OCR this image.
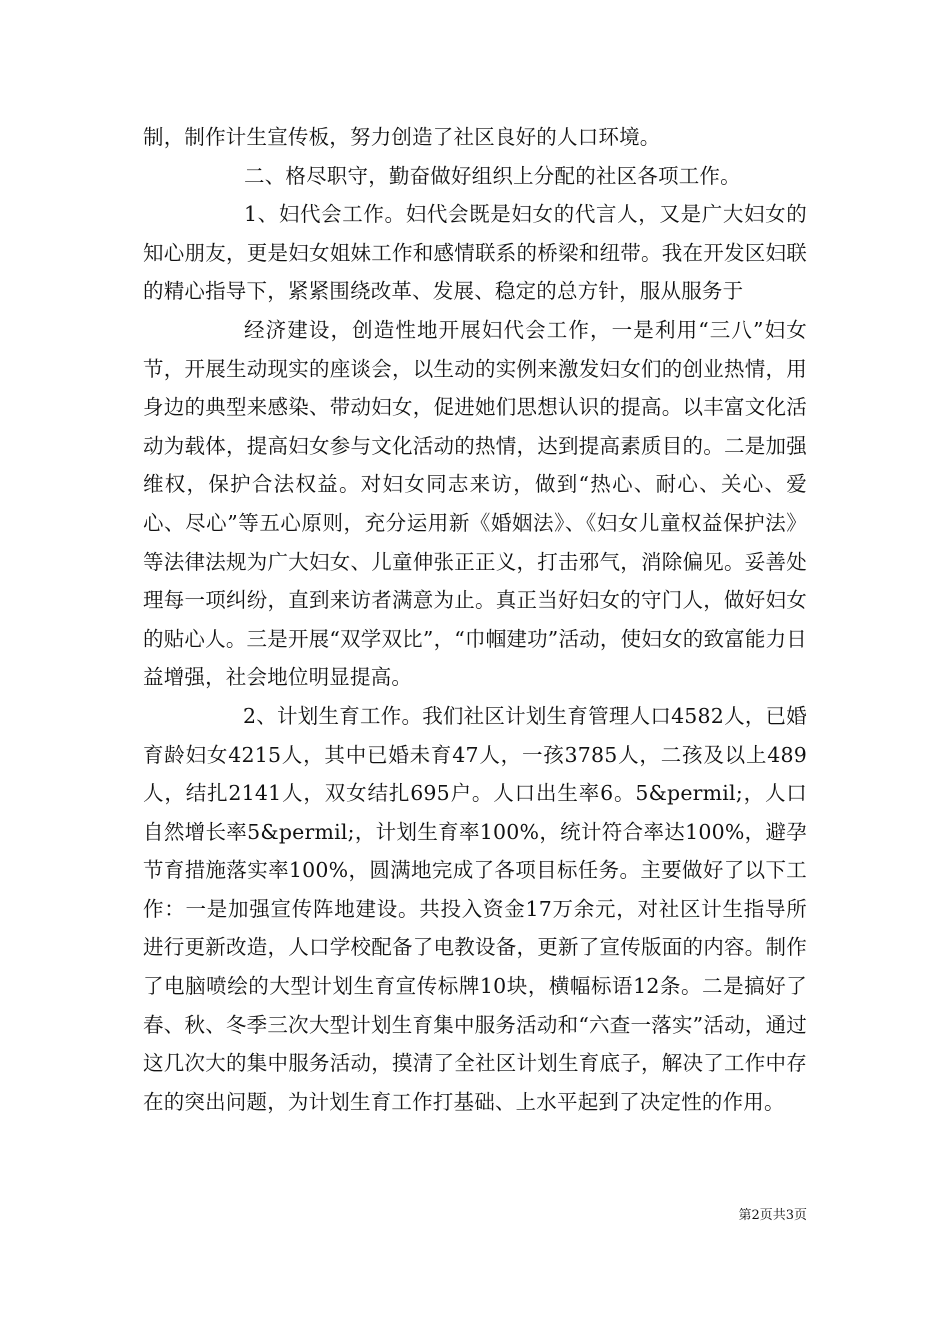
制，制作计生宣传板，努力创造了社区良好的人口环境。

二、格尽职守，勤奋做好组织上分配的社区各项工作。

1、妇代会工作。妇代会既是妇女的代言人，又是广大妇女的知心朋友，更是妇女姐妹工作和感情联系的桥梁和纽带。我在开发区妇联的精心指导下，紧紧围绕改革、发展、稳定的总方针，服从服务于

经济建设，创造性地开展妇代会工作，一是利用“三八”妇女节，开展生动现实的座谈会，以生动的实例来激发妇女们的创业热情，用身边的典型来感染、带动妇女，促进她们思想认识的提高。以丰富文化活动为载体，提高妇女参与文化活动的热情，达到提高素质目的。二是加强维权，保护合法权益。对妇女同志来访，做到“热心、耐心、关心、爱心、尽心”等五心原则，充分运用新《婚姻法》、《妇女儿童权益保护法》等法律法规为广大妇女、儿童伸张正正义，打击邪气，消除偏见。妥善处理每一项纠纷，直到来访者满意为止。真正当好妇女的守门人，做好妇女的贴心人。三是开展“双学双比”，“巾帼建功”活动，使妇女的致富能力日益增强，社会地位明显提高。

2、计划生育工作。我们社区计划生育管理人口4582人，已婚育龄妇女4215人，其中已婚未育47人，一孩3785人，二孩及以上489人，结扎2141人，双女结扎695户。人口出生率6。5&permil;，人口自然增长率5&permil;，计划生育率100%，统计符合率达100%，避孕节育措施落实率100%，圆满地完成了各项目标任务。主要做好了以下工作：一是加强宣传阵地建设。共投入资金17万余元，对社区计生指导所进行更新改造，人口学校配备了电教设备，更新了宣传版面的内容。制作了电脑喷绘的大型计划生育宣传标牌10块，横幅标语12条。二是搞好了春、秋、冬季三次大型计划生育集中服务活动和“六查一落实”活动，通过这几次大的集中服务活动，摸清了全社区计划生育底子，解决了工作中存在的突出问题，为计划生育工作打基础、上水平起到了决定性的作用。

第2页共3页
